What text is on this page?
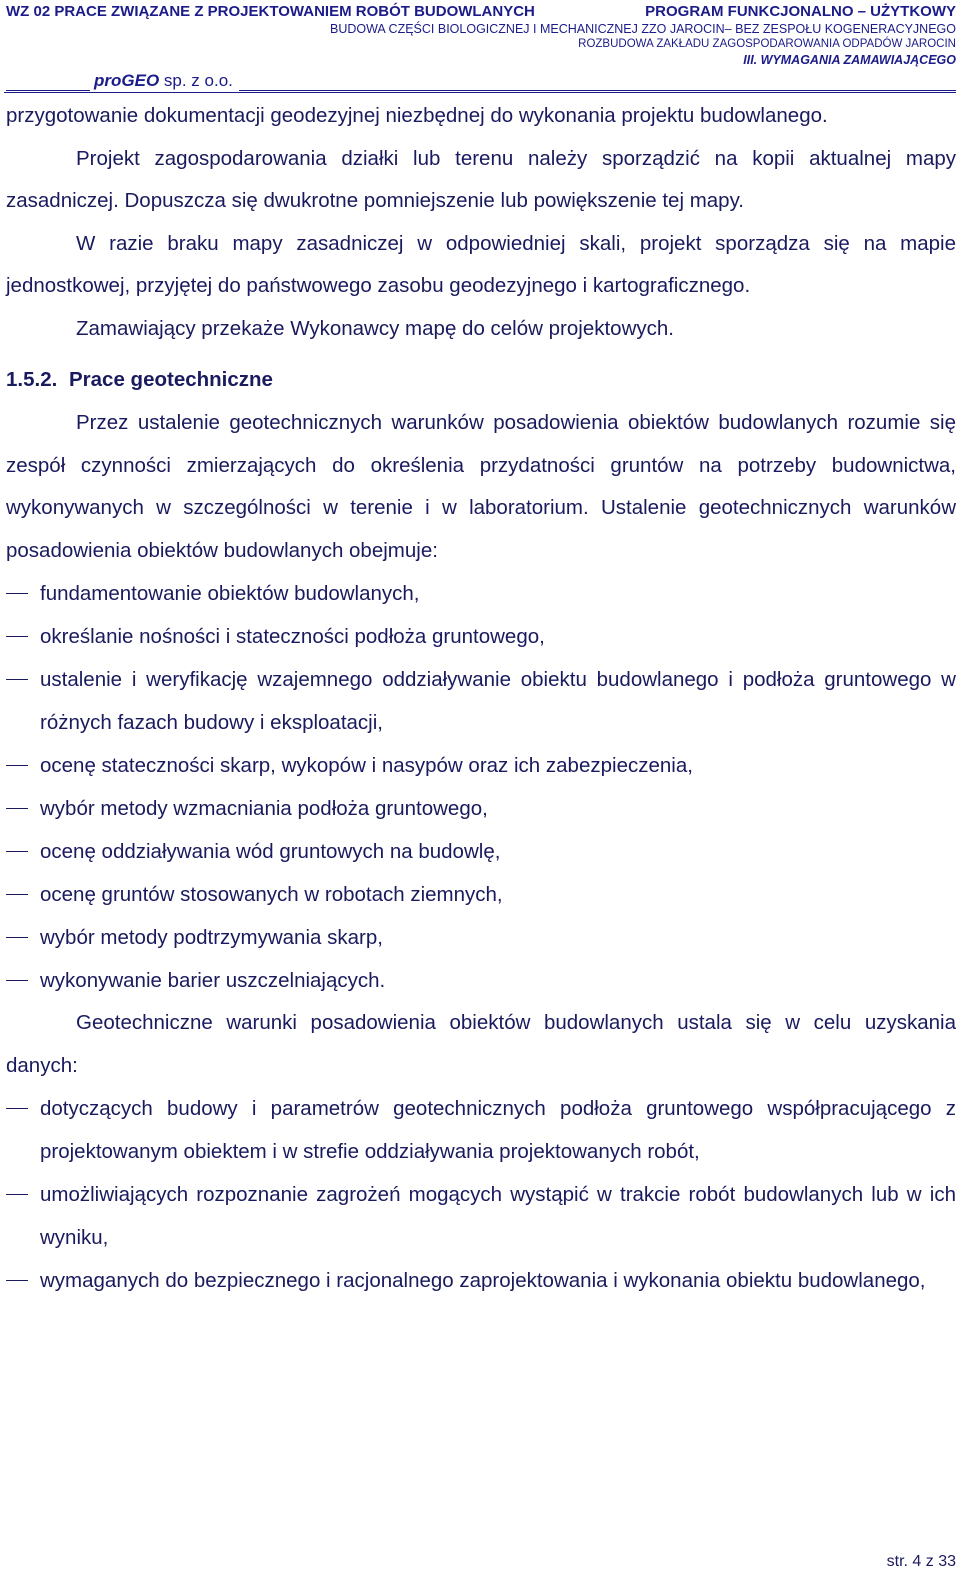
WZ 02 PRACE ZWIĄZANE Z PROJEKTOWANIEM ROBÓT BUDOWLANYCH	PROGRAM FUNKCJONALNO – UŻYTKOWY
BUDOWA CZĘŚCI BIOLOGICZNEJ I MECHANICZNEJ ZZO JAROCIN– BEZ ZESPOŁU KOGENERACYJNEGO
ROZBUDOWA ZAKŁADU ZAGOSPODAROWANIA ODPADÓW JAROCIN
III. WYMAGANIA ZAMAWIAJĄCEGO
proGEO sp. z o.o.

przygotowanie dokumentacji geodezyjnej niezbędnej do wykonania projektu budowlanego.

Projekt zagospodarowania działki lub terenu należy sporządzić na kopii aktualnej mapy zasadniczej. Dopuszcza się dwukrotne pomniejszenie lub powiększenie tej mapy.

W razie braku mapy zasadniczej w odpowiedniej skali, projekt sporządza się na mapie jednostkowej, przyjętej do państwowego zasobu geodezyjnego i kartograficznego.

Zamawiający przekaże Wykonawcy mapę do celów projektowych.

1.5.2. Prace geotechniczne

Przez ustalenie geotechnicznych warunków posadowienia obiektów budowlanych rozumie się zespół czynności zmierzających do określenia przydatności gruntów na potrzeby budownictwa, wykonywanych w szczególności w terenie i w laboratorium. Ustalenie geotechnicznych warunków posadowienia obiektów budowlanych obejmuje:

fundamentowanie obiektów budowlanych,
określanie nośności i stateczności podłoża gruntowego,
ustalenie i weryfikację wzajemnego oddziaływanie obiektu budowlanego i podłoża gruntowego w różnych fazach budowy i eksploatacji,
ocenę stateczności skarp, wykopów i nasypów oraz ich zabezpieczenia,
wybór metody wzmacniania podłoża gruntowego,
ocenę oddziaływania wód gruntowych na budowlę,
ocenę gruntów stosowanych w robotach ziemnych,
wybór metody podtrzymywania skarp,
wykonywanie barier uszczelniających.

Geotechniczne warunki posadowienia obiektów budowlanych ustala się w celu uzyskania danych:

dotyczących budowy i parametrów geotechnicznych podłoża gruntowego współpracującego z projektowanym obiektem i w strefie oddziaływania projektowanych robót,
umożliwiających rozpoznanie zagrożeń mogących wystąpić w trakcie robót budowlanych lub w ich wyniku,
wymaganych do bezpiecznego i racjonalnego zaprojektowania i wykonania obiektu budowlanego,
str. 4 z 33
